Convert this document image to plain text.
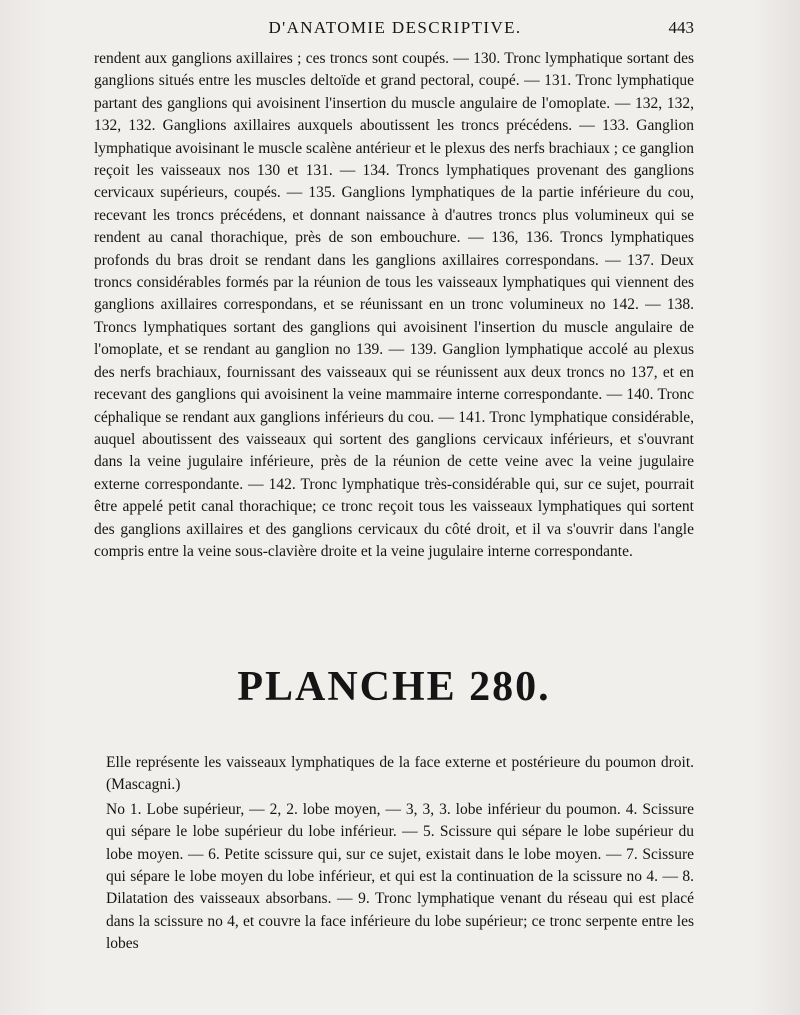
D'ANATOMIE DESCRIPTIVE.	443

rendent aux ganglions axillaires ; ces troncs sont coupés. — 130. Tronc lymphatique sortant des ganglions situés entre les muscles deltoïde et grand pectoral, coupé. — 131. Tronc lymphatique partant des ganglions qui avoisinent l'insertion du muscle angulaire de l'omoplate. — 132, 132, 132, 132. Ganglions axillaires auxquels aboutissent les troncs précédens. — 133. Ganglion lymphatique avoisinant le muscle scalène antérieur et le plexus des nerfs brachiaux ; ce ganglion reçoit les vaisseaux nos 130 et 131. — 134. Troncs lymphatiques provenant des ganglions cervicaux supérieurs, coupés. — 135. Ganglions lymphatiques de la partie inférieure du cou, recevant les troncs précédens, et donnant naissance à d'autres troncs plus volumineux qui se rendent au canal thorachique, près de son embouchure. — 136, 136. Troncs lymphatiques profonds du bras droit se rendant dans les ganglions axillaires correspondans. — 137. Deux troncs considérables formés par la réunion de tous les vaisseaux lymphatiques qui viennent des ganglions axillaires correspondans, et se réunissant en un tronc volumineux no 142. — 138. Troncs lymphatiques sortant des ganglions qui avoisinent l'insertion du muscle angulaire de l'omoplate, et se rendant au ganglion no 139. — 139. Ganglion lymphatique accolé au plexus des nerfs brachiaux, fournissant des vaisseaux qui se réunissent aux deux troncs no 137, et en recevant des ganglions qui avoisinent la veine mammaire interne correspondante. — 140. Tronc céphalique se rendant aux ganglions inférieurs du cou. — 141. Tronc lymphatique considérable, auquel aboutissent des vaisseaux qui sortent des ganglions cervicaux inférieurs, et s'ouvrant dans la veine jugulaire inférieure, près de la réunion de cette veine avec la veine jugulaire externe correspondante. — 142. Tronc lymphatique très-considérable qui, sur ce sujet, pourrait être appelé petit canal thorachique; ce tronc reçoit tous les vaisseaux lymphatiques qui sortent des ganglions axillaires et des ganglions cervicaux du côté droit, et il va s'ouvrir dans l'angle compris entre la veine sous-clavière droite et la veine jugulaire interne correspondante.

PLANCHE 280.

Elle représente les vaisseaux lymphatiques de la face externe et postérieure du poumon droit. (Mascagni.)

No 1. Lobe supérieur, — 2, 2. lobe moyen, — 3, 3, 3. lobe inférieur du poumon. 4. Scissure qui sépare le lobe supérieur du lobe inférieur. — 5. Scissure qui sépare le lobe supérieur du lobe moyen. — 6. Petite scissure qui, sur ce sujet, existait dans le lobe moyen. — 7. Scissure qui sépare le lobe moyen du lobe inférieur, et qui est la continuation de la scissure no 4. — 8. Dilatation des vaisseaux absorbans. — 9. Tronc lymphatique venant du réseau qui est placé dans la scissure no 4, et couvre la face inférieure du lobe supérieur; ce tronc serpente entre les lobes
